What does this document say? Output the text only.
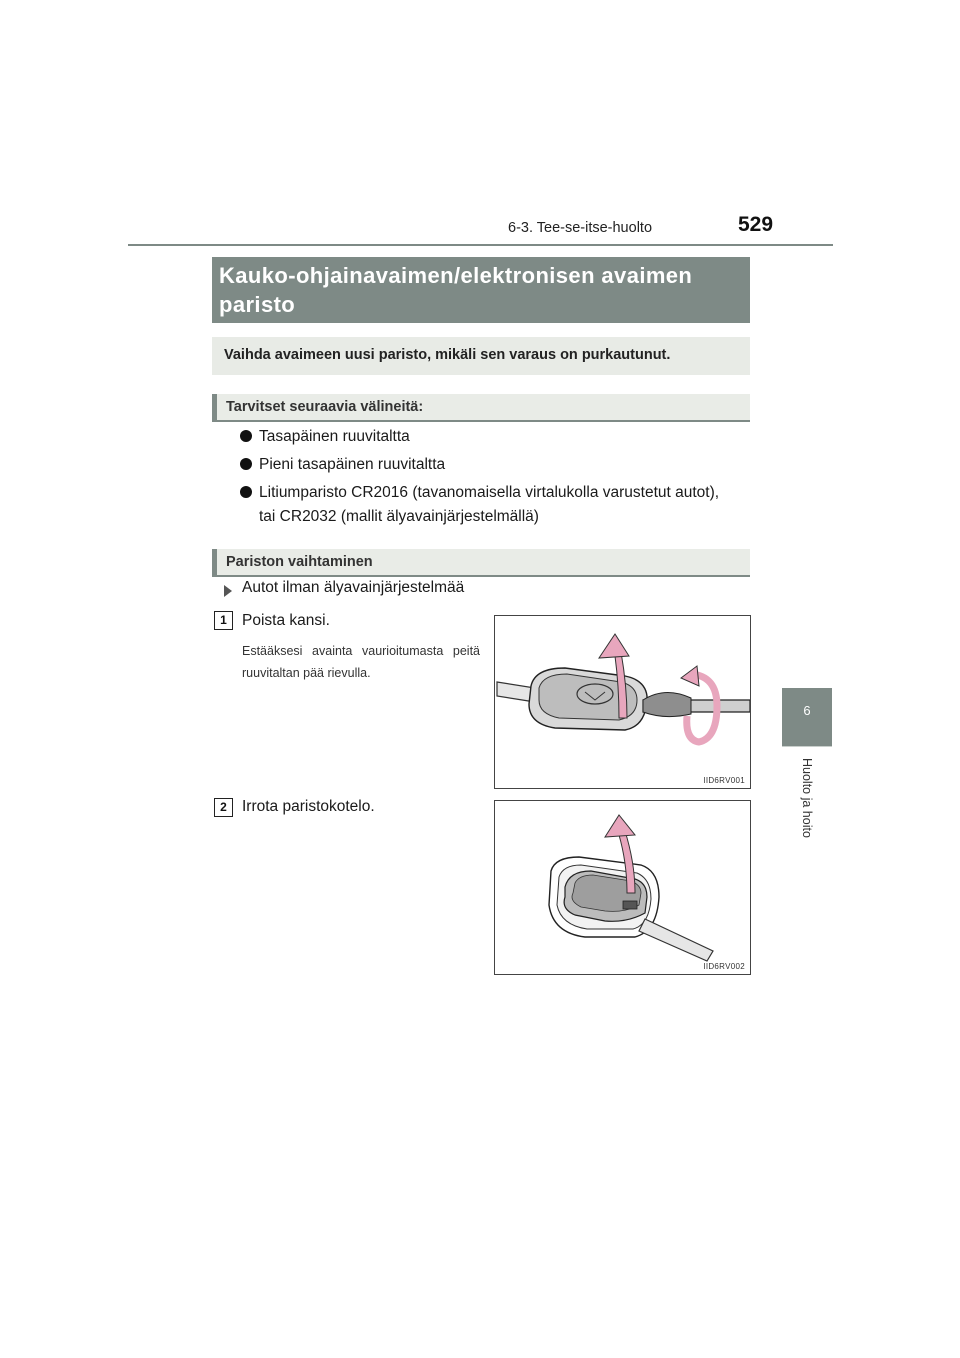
6-3. Tee-se-itse-huolto	529
6
Huolto ja hoito
Kauko-ohjainavaimen/elektronisen avaimen paristo
Vaihda avaimeen uusi paristo, mikäli sen varaus on purkautunut.
Tarvitset seuraavia välineitä:
Tasapäinen ruuvitaltta
Pieni tasapäinen ruuvitaltta
Litiumparisto CR2016 (tavanomaisella virtalukolla varustetut autot),
tai CR2032 (mallit älyavainjärjestelmällä)
Pariston vaihtaminen
Autot ilman älyavainjärjestelmää
1 Poista kansi.
Estääksesi avainta vaurioitumasta peitä ruuvitaltan pää rievulla.
IID6RV001
2 Irrota paristokotelo.
IID6RV002
